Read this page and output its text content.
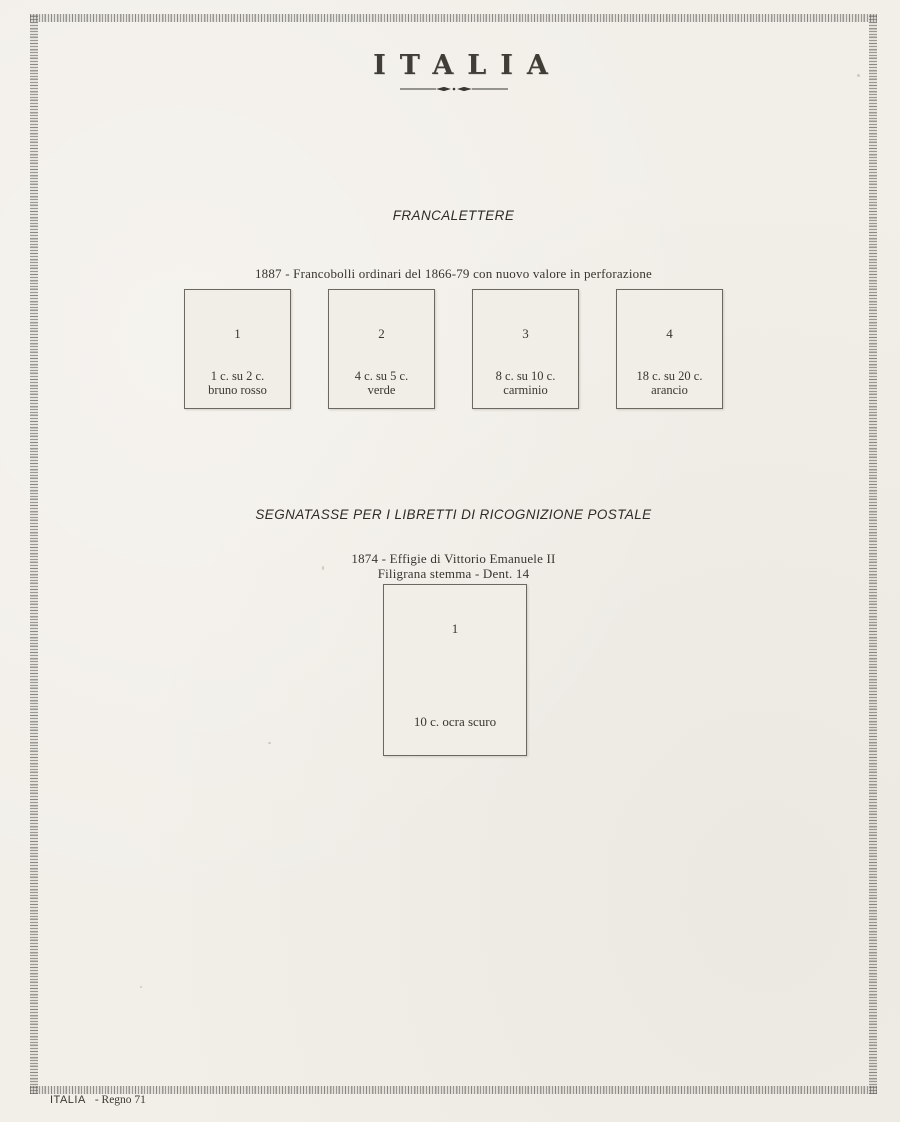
ITALIA
FRANCALETTERE
1887 - Francobolli ordinari del 1866-79 con nuovo valore in perforazione
1
1 c. su 2 c.
bruno rosso
2
4 c. su 5 c.
verde
3
8 c. su 10 c.
carminio
4
18 c. su 20 c.
arancio
SEGNATASSE PER I LIBRETTI DI RICOGNIZIONE POSTALE
1874 - Effigie di Vittorio Emanuele II
Filigrana stemma - Dent. 14
1
10 c. ocra scuro
ITALIA - Regno 71
